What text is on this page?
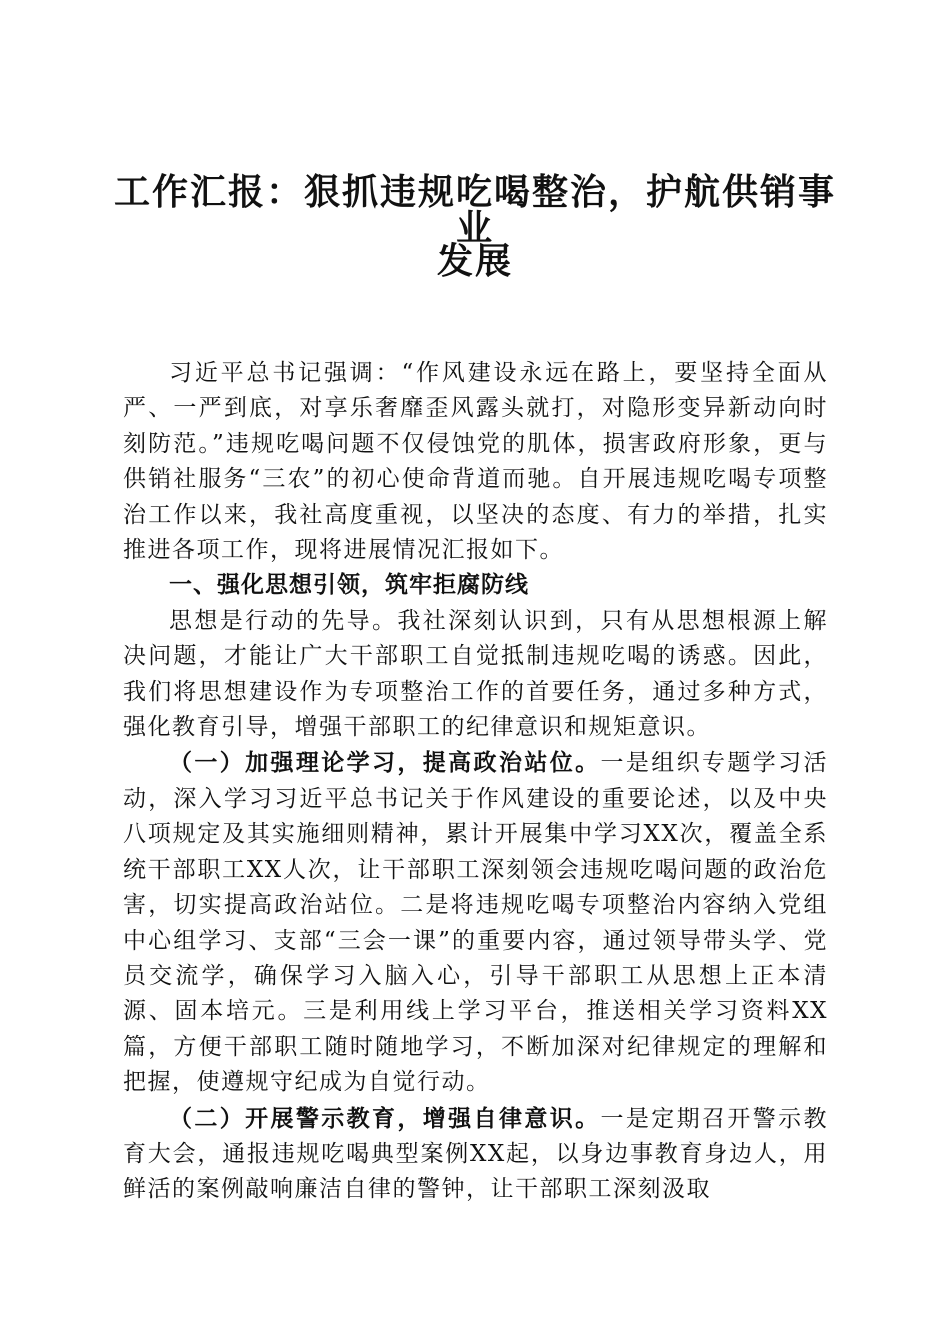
工作汇报：狠抓违规吃喝整治，护航供销事业
发展

习近平总书记强调：“作风建设永远在路上，要坚持全面从严、一严到底，对享乐奢靡歪风露头就打，对隐形变异新动向时刻防范。”违规吃喝问题不仅侵蚀党的肌体，损害政府形象，更与供销社服务“三农”的初心使命背道而驰。自开展违规吃喝专项整治工作以来，我社高度重视，以坚决的态度、有力的举措，扎实推进各项工作，现将进展情况汇报如下。

一、强化思想引领，筑牢拒腐防线

思想是行动的先导。我社深刻认识到，只有从思想根源上解决问题，才能让广大干部职工自觉抵制违规吃喝的诱惑。因此，我们将思想建设作为专项整治工作的首要任务，通过多种方式，强化教育引导，增强干部职工的纪律意识和规矩意识。

（一）加强理论学习，提高政治站位。一是组织专题学习活动，深入学习习近平总书记关于作风建设的重要论述，以及中央八项规定及其实施细则精神，累计开展集中学习XX次，覆盖全系统干部职工XX人次，让干部职工深刻领会违规吃喝问题的政治危害，切实提高政治站位。二是将违规吃喝专项整治内容纳入党组中心组学习、支部“三会一课”的重要内容，通过领导带头学、党员交流学，确保学习入脑入心，引导干部职工从思想上正本清源、固本培元。三是利用线上学习平台，推送相关学习资料XX篇，方便干部职工随时随地学习，不断加深对纪律规定的理解和把握，使遵规守纪成为自觉行动。

（二）开展警示教育，增强自律意识。一是定期召开警示教育大会，通报违规吃喝典型案例XX起，以身边事教育身边人，用鲜活的案例敲响廉洁自律的警钟，让干部职工深刻汲取
